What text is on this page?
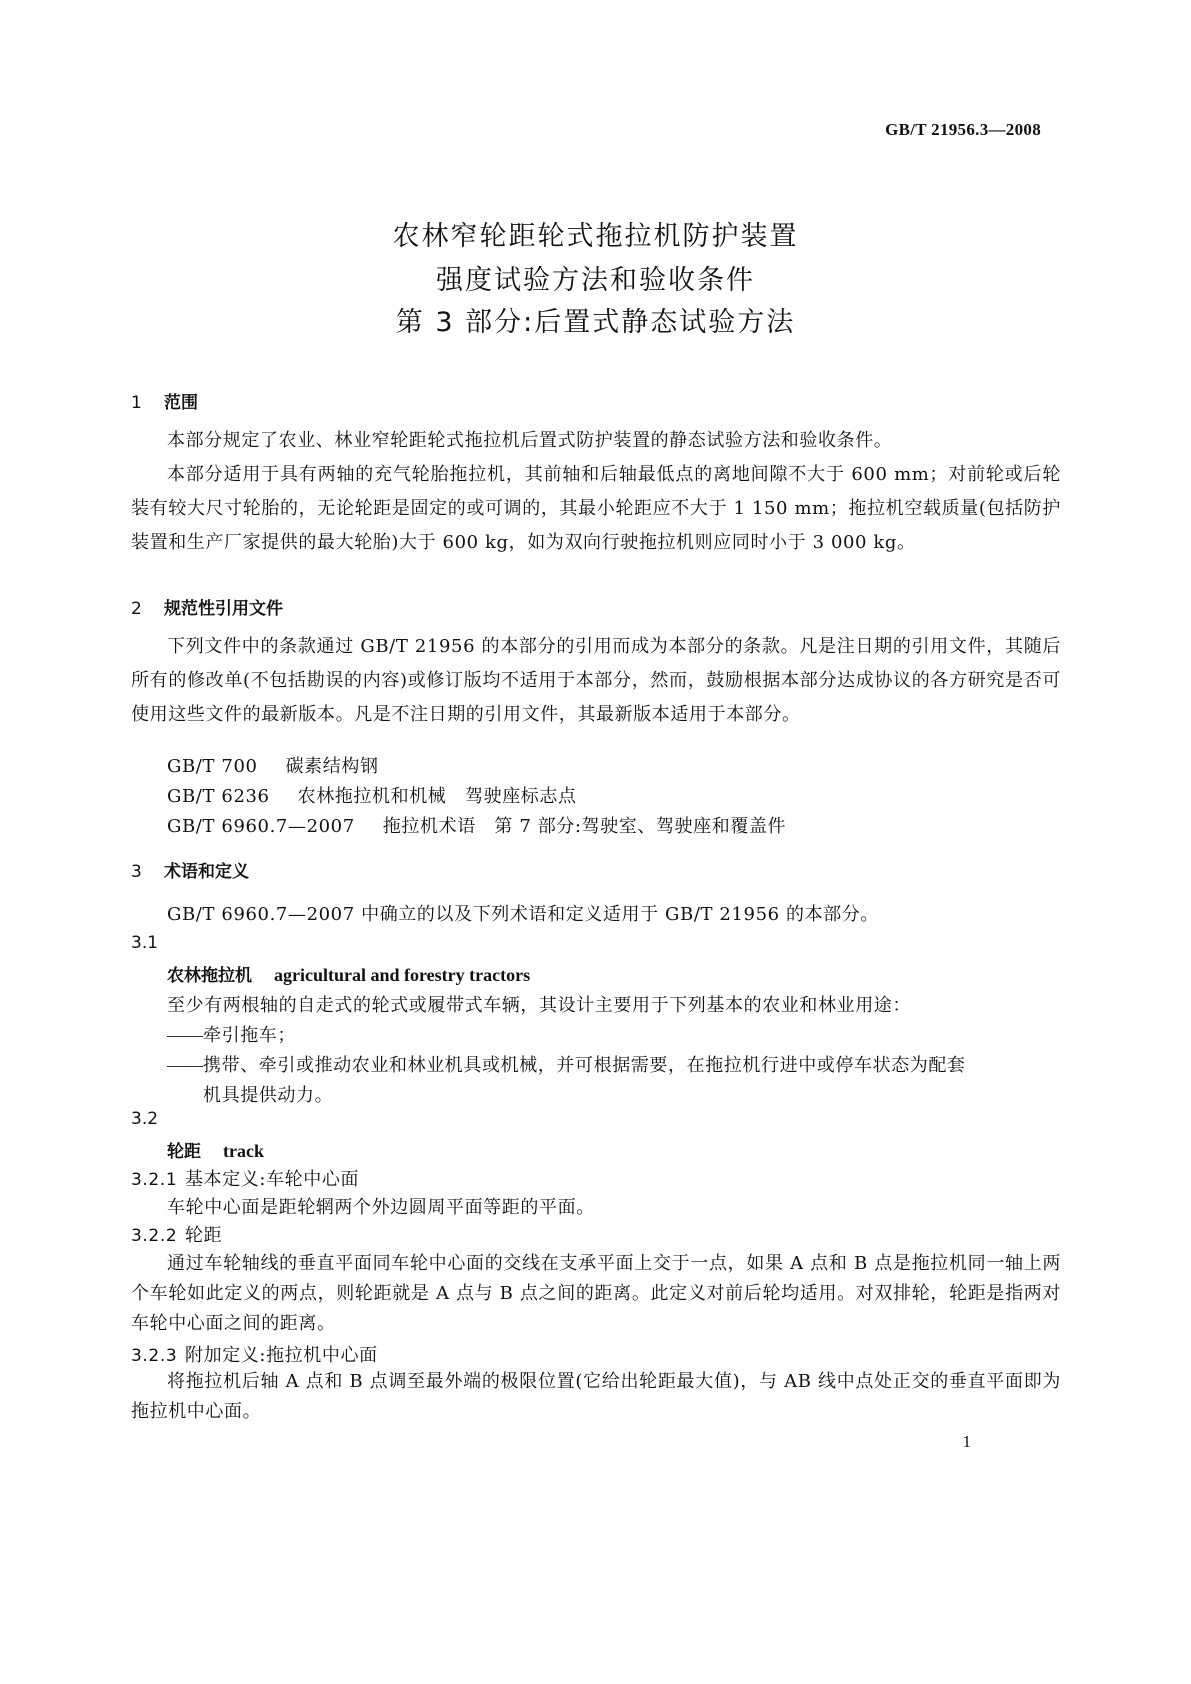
GB/T 21956.3—2008
农林窄轮距轮式拖拉机防护装置
强度试验方法和验收条件
第 3 部分:后置式静态试验方法
1 范围

本部分规定了农业、林业窄轮距轮式拖拉机后置式防护装置的静态试验方法和验收条件。

本部分适用于具有两轴的充气轮胎拖拉机，其前轴和后轴最低点的离地间隙不大于 600 mm；对前轮或后轮装有较大尺寸轮胎的，无论轮距是固定的或可调的，其最小轮距应不大于 1 150 mm；拖拉机空载质量(包括防护装置和生产厂家提供的最大轮胎)大于 600 kg，如为双向行驶拖拉机则应同时小于 3 000 kg。

2 规范性引用文件

下列文件中的条款通过 GB/T 21956 的本部分的引用而成为本部分的条款。凡是注日期的引用文件，其随后所有的修改单(不包括勘误的内容)或修订版均不适用于本部分，然而，鼓励根据本部分达成协议的各方研究是否可使用这些文件的最新版本。凡是不注日期的引用文件，其最新版本适用于本部分。

GB/T 700 碳素结构钢
GB/T 6236 农林拖拉机和机械　驾驶座标志点
GB/T 6960.7—2007 拖拉机术语　第 7 部分:驾驶室、驾驶座和覆盖件
3 术语和定义
GB/T 6960.7—2007 中确立的以及下列术语和定义适用于 GB/T 21956 的本部分。
3.1
农林拖拉机 agricultural and forestry tractors
至少有两根轴的自走式的轮式或履带式车辆，其设计主要用于下列基本的农业和林业用途：
——牵引拖车；
——携带、牵引或推动农业和林业机具或机械，并可根据需要，在拖拉机行进中或停车状态为配套
机具提供动力。
3.2
轮距 track
3.2.1 基本定义:车轮中心面
车轮中心面是距轮辋两个外边圆周平面等距的平面。
3.2.2 轮距

通过车轮轴线的垂直平面同车轮中心面的交线在支承平面上交于一点，如果 A 点和 B 点是拖拉机同一轴上两个车轮如此定义的两点，则轮距就是 A 点与 B 点之间的距离。此定义对前后轮均适用。对双排轮，轮距是指两对车轮中心面之间的距离。

3.2.3 附加定义:拖拉机中心面

将拖拉机后轴 A 点和 B 点调至最外端的极限位置(它给出轮距最大值)，与 AB 线中点处正交的垂直平面即为拖拉机中心面。

1
